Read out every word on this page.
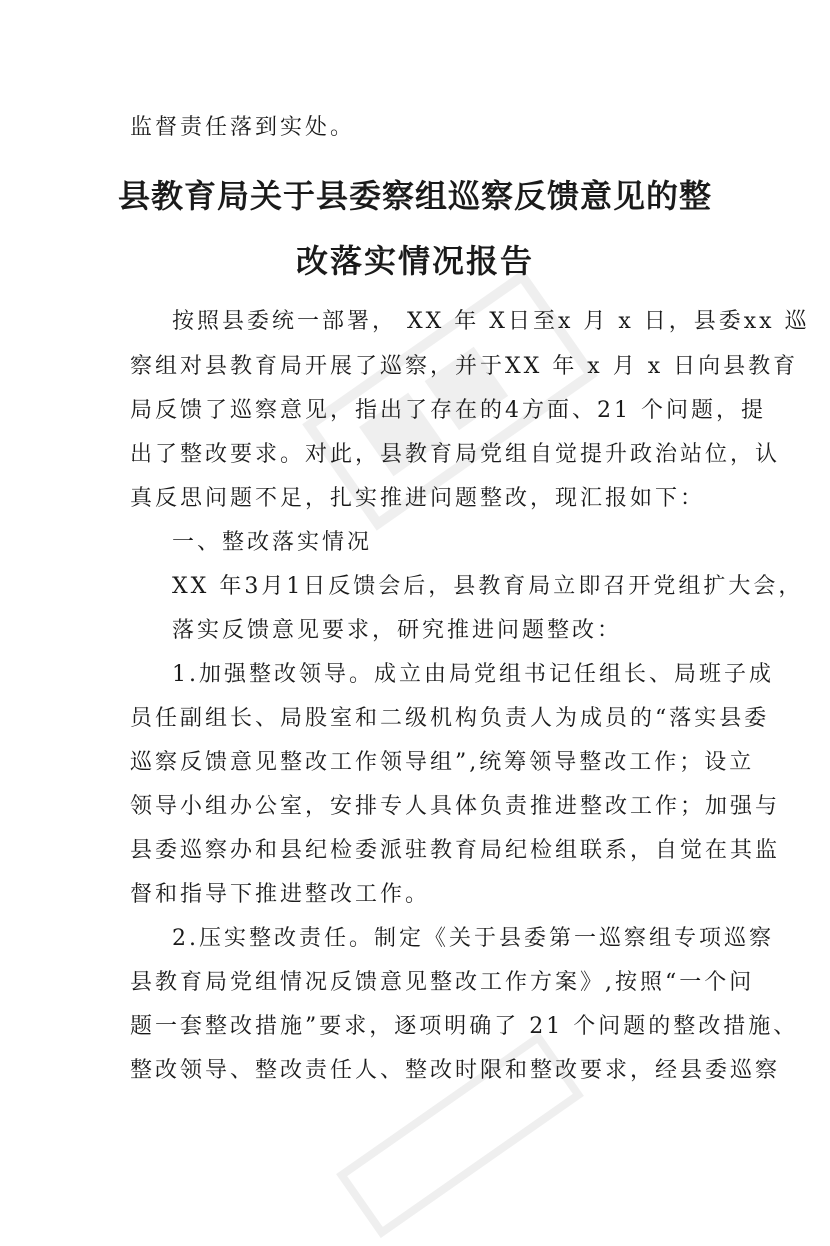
监督责任落到实处。
县教育局关于县委察组巡察反馈意见的整
改落实情况报告
按照县委统一部署， XX 年 X日至x 月 x 日，县委xx 巡
察组对县教育局开展了巡察，并于XX 年 x 月 x 日向县教育
局反馈了巡察意见，指出了存在的4方面、21 个问题，提
出了整改要求。对此，县教育局党组自觉提升政治站位，认
真反思问题不足，扎实推进问题整改，现汇报如下：
一、整改落实情况
XX 年3月1日反馈会后，县教育局立即召开党组扩大会，
落实反馈意见要求，研究推进问题整改：
1.加强整改领导。成立由局党组书记任组长、局班子成
员任副组长、局股室和二级机构负责人为成员的“落实县委
巡察反馈意见整改工作领导组”,统筹领导整改工作；设立
领导小组办公室，安排专人具体负责推进整改工作；加强与
县委巡察办和县纪检委派驻教育局纪检组联系，自觉在其监
督和指导下推进整改工作。
2.压实整改责任。制定《关于县委第一巡察组专项巡察
县教育局党组情况反馈意见整改工作方案》,按照“一个问
题一套整改措施”要求，逐项明确了 21 个问题的整改措施、
整改领导、整改责任人、整改时限和整改要求，经县委巡察
